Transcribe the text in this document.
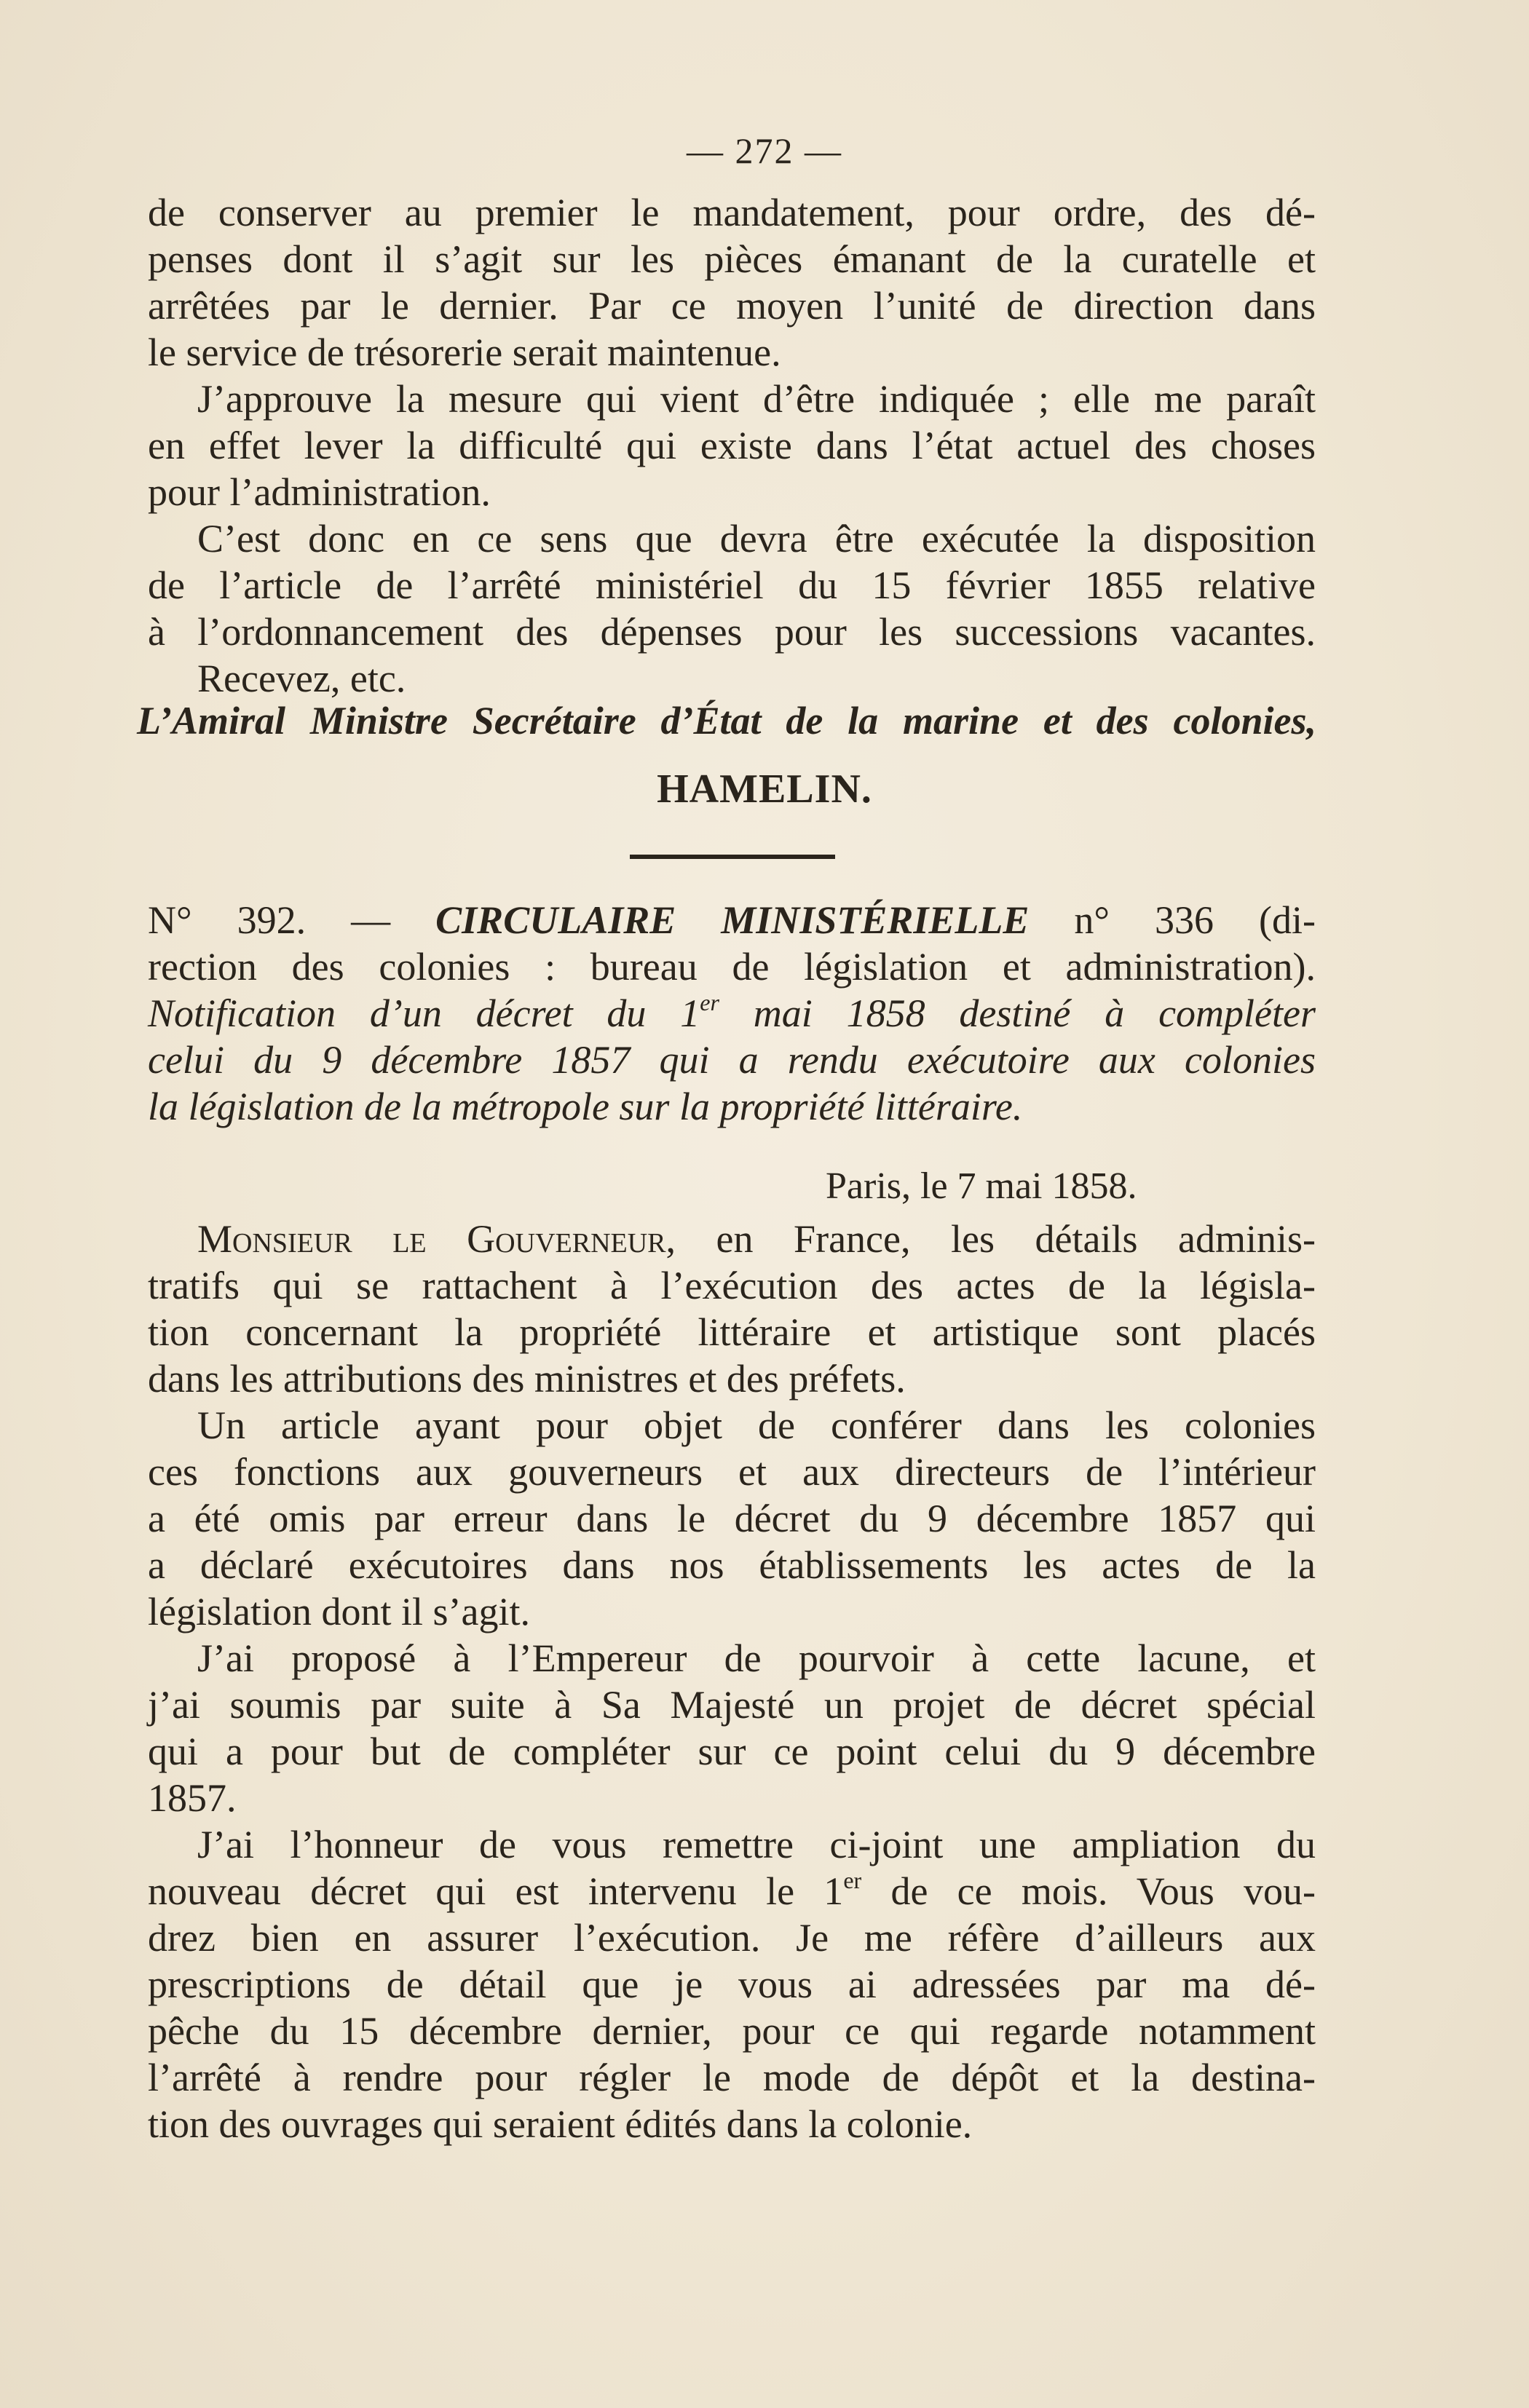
— 272 —
de conserver au premier le mandatement, pour ordre, des dé-
penses dont il s’agit sur les pièces émanant de la curatelle et
arrêtées par le dernier. Par ce moyen l’unité de direction dans
le service de trésorerie serait maintenue.
J’approuve la mesure qui vient d’être indiquée ; elle me paraît
en effet lever la difficulté qui existe dans l’état actuel des choses
pour l’administration.
C’est donc en ce sens que devra être exécutée la disposition
de l’article de l’arrêté ministériel du 15 février 1855 relative
à l’ordonnancement des dépenses pour les successions vacantes.
Recevez, etc.
L’Amiral Ministre Secrétaire d’État de la marine et des colonies,
HAMELIN.
N° 392. — CIRCULAIRE MINISTÉRIELLE n° 336 (di-
rection des colonies : bureau de législation et administration).
Notification d’un décret du 1er mai 1858 destiné à compléter
celui du 9 décembre 1857 qui a rendu exécutoire aux colonies
la législation de la métropole sur la propriété littéraire.
Paris, le 7 mai 1858.
Monsieur le Gouverneur, en France, les détails adminis-
tratifs qui se rattachent à l’exécution des actes de la législa-
tion concernant la propriété littéraire et artistique sont placés
dans les attributions des ministres et des préfets.
Un article ayant pour objet de conférer dans les colonies
ces fonctions aux gouverneurs et aux directeurs de l’intérieur
a été omis par erreur dans le décret du 9 décembre 1857 qui
a déclaré exécutoires dans nos établissements les actes de la
législation dont il s’agit.
J’ai proposé à l’Empereur de pourvoir à cette lacune, et
j’ai soumis par suite à Sa Majesté un projet de décret spécial
qui a pour but de compléter sur ce point celui du 9 décembre
1857.
J’ai l’honneur de vous remettre ci-joint une ampliation du
nouveau décret qui est intervenu le 1er de ce mois. Vous vou-
drez bien en assurer l’exécution. Je me réfère d’ailleurs aux
prescriptions de détail que je vous ai adressées par ma dé-
pêche du 15 décembre dernier, pour ce qui regarde notamment
l’arrêté à rendre pour régler le mode de dépôt et la destina-
tion des ouvrages qui seraient édités dans la colonie.
